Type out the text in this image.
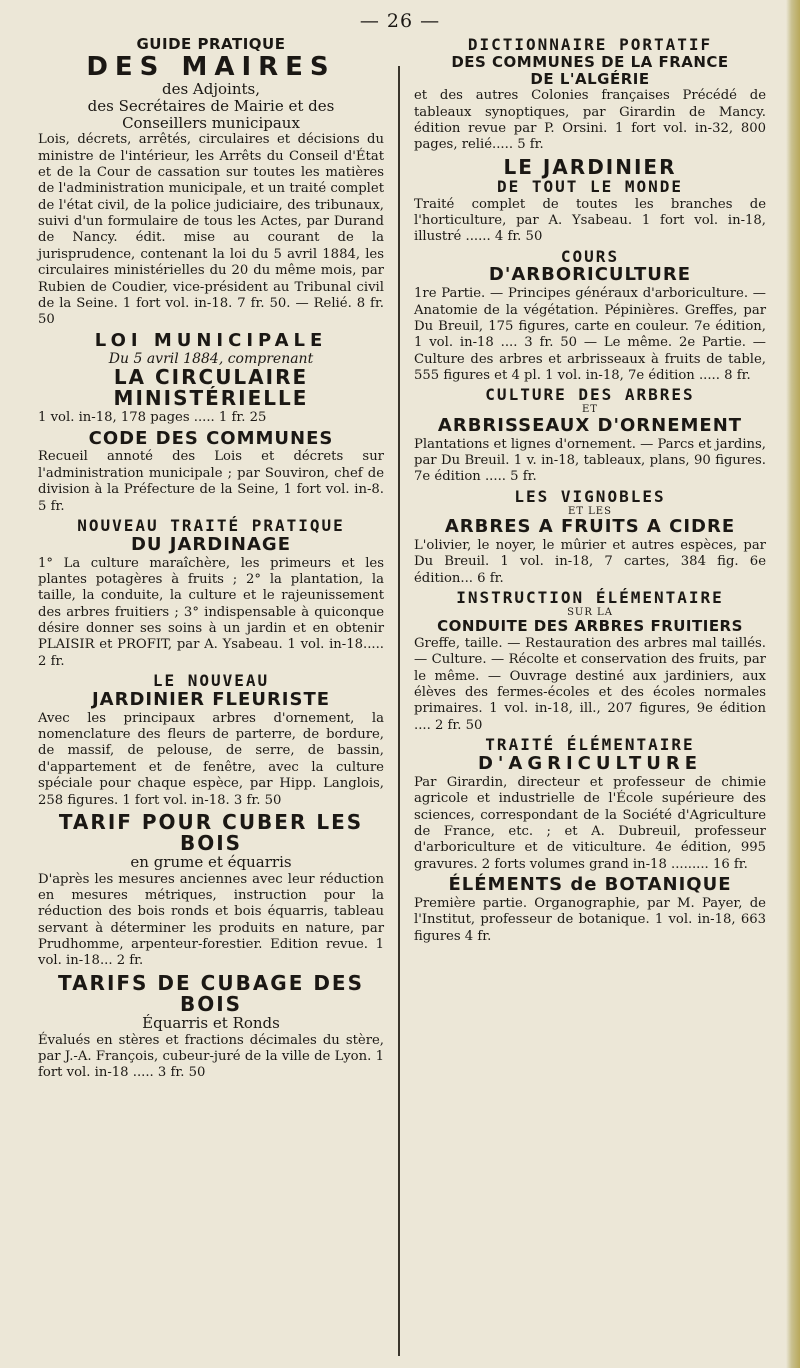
— 26 —
GUIDE PRATIQUE
DES MAIRES
des Adjoints,
des Secrétaires de Mairie et des
Conseillers municipaux

Lois, décrets, arrêtés, circulaires et décisions du ministre de l'intérieur, les Arrêts du Conseil d'État et de la Cour de cassation sur toutes les matières de l'administration municipale, et un traité complet de l'état civil, de la police judiciaire, des tribunaux, suivi d'un formulaire de tous les Actes, par Durand de Nancy. édit. mise au courant de la jurisprudence, contenant la loi du 5 avril 1884, les circulaires ministérielles du 20 du même mois, par Rubien de Coudier, vice-président au Tribunal civil de la Seine. 1 fort vol. in-18. 7 fr. 50. — Relié. 8 fr. 50

LOI MUNICIPALE
Du 5 avril 1884, comprenant
LA CIRCULAIRE MINISTÉRIELLE

1 vol. in-18, 178 pages ..... 1 fr. 25

CODE DES COMMUNES

Recueil annoté des Lois et décrets sur l'administration municipale ; par Souviron, chef de division à la Préfecture de la Seine, 1 fort vol. in-8. 5 fr.

NOUVEAU TRAITÉ PRATIQUE
DU JARDINAGE

1° La culture maraîchère, les primeurs et les plantes potagères à fruits ; 2° la plantation, la taille, la conduite, la culture et le rajeunissement des arbres fruitiers ; 3° indispensable à quiconque désire donner ses soins à un jardin et en obtenir PLAISIR et PROFIT, par A. Ysabeau. 1 vol. in-18..... 2 fr.

LE NOUVEAU
JARDINIER FLEURISTE

Avec les principaux arbres d'ornement, la nomenclature des fleurs de parterre, de bordure, de massif, de pelouse, de serre, de bassin, d'appartement et de fenêtre, avec la culture spéciale pour chaque espèce, par Hipp. Langlois, 258 figures. 1 fort vol. in-18. 3 fr. 50

TARIF POUR CUBER LES BOIS
en grume et équarris

D'après les mesures anciennes avec leur réduction en mesures métriques, instruction pour la réduction des bois ronds et bois équarris, tableau servant à déterminer les produits en nature, par Prudhomme, arpenteur-forestier. Edition revue. 1 vol. in-18... 2 fr.

TARIFS DE CUBAGE DES BOIS
Équarris et Ronds

Évalués en stères et fractions décimales du stère, par J.-A. François, cubeur-juré de la ville de Lyon. 1 fort vol. in-18 ..... 3 fr. 50

DICTIONNAIRE PORTATIF
DES COMMUNES DE LA FRANCE
DE L'ALGÉRIE

et des autres Colonies françaises Précédé de tableaux synoptiques, par Girardin de Mancy. édition revue par P. Orsini. 1 fort vol. in-32, 800 pages, relié..... 5 fr.

LE JARDINIER
DE TOUT LE MONDE

Traité complet de toutes les branches de l'horticulture, par A. Ysabeau. 1 fort vol. in-18, illustré ...... 4 fr. 50

COURS
D'ARBORICULTURE

1re Partie. — Principes généraux d'arboriculture. — Anatomie de la végétation. Pépinières. Greffes, par Du Breuil, 175 figures, carte en couleur. 7e édition, 1 vol. in-18 .... 3 fr. 50 — Le même. 2e Partie. — Culture des arbres et arbrisseaux à fruits de table, 555 figures et 4 pl. 1 vol. in-18, 7e édition ..... 8 fr.

CULTURE DES ARBRES
ET
ARBRISSEAUX D'ORNEMENT

Plantations et lignes d'ornement. — Parcs et jardins, par Du Breuil. 1 v. in-18, tableaux, plans, 90 figures. 7e édition ..... 5 fr.

LES VIGNOBLES
ET LES
ARBRES A FRUITS A CIDRE

L'olivier, le noyer, le mûrier et autres espèces, par Du Breuil. 1 vol. in-18, 7 cartes, 384 fig. 6e édition... 6 fr.

INSTRUCTION ÉLÉMENTAIRE
SUR LA
CONDUITE DES ARBRES FRUITIERS

Greffe, taille. — Restauration des arbres mal taillés. — Culture. — Récolte et conservation des fruits, par le même. — Ouvrage destiné aux jardiniers, aux élèves des fermes-écoles et des écoles normales primaires. 1 vol. in-18, ill., 207 figures, 9e édition .... 2 fr. 50

TRAITÉ ÉLÉMENTAIRE
D'AGRICULTURE

Par Girardin, directeur et professeur de chimie agricole et industrielle de l'École supérieure des sciences, correspondant de la Société d'Agriculture de France, etc. ; et A. Dubreuil, professeur d'arboriculture et de viticulture. 4e édition, 995 gravures. 2 forts volumes grand in-18 ......... 16 fr.

ÉLÉMENTS de BOTANIQUE

Première partie. Organographie, par M. Payer, de l'Institut, professeur de botanique. 1 vol. in-18, 663 figures 4 fr.
